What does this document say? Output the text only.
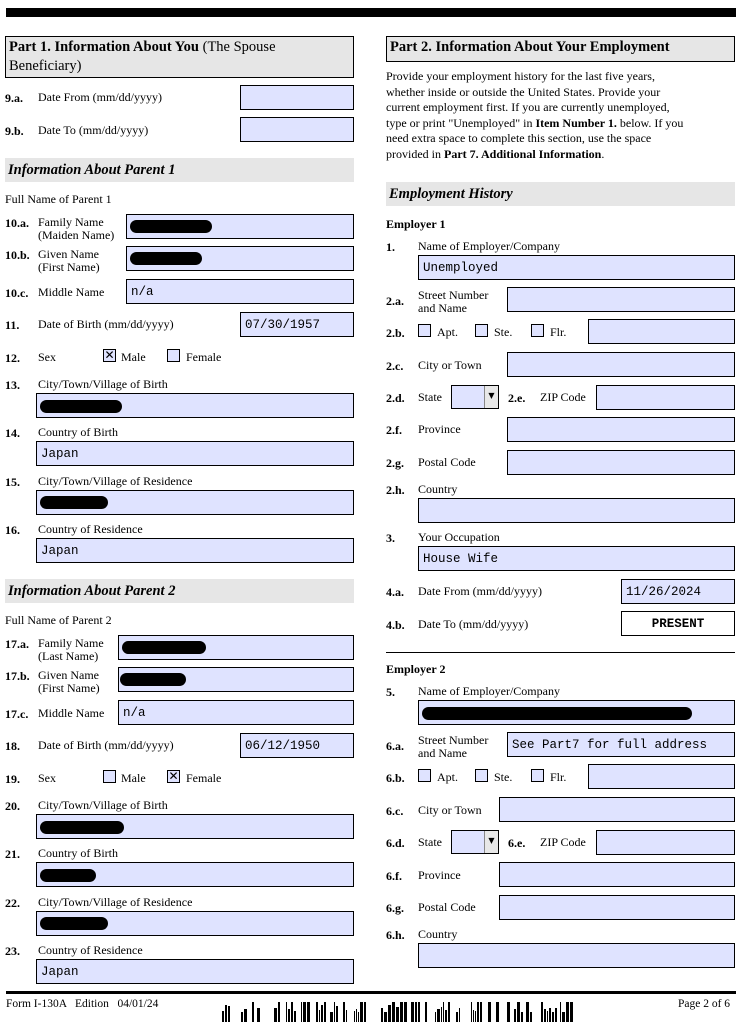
Part 1. Information About You (The Spouse Beneficiary)
9.a. Date From (mm/dd/yyyy)
9.b. Date To (mm/dd/yyyy)
Information About Parent 1
Full Name of Parent 1
10.a. Family Name
(Maiden Name)
10.b. Given Name
(First Name)
10.c. Middle Name	n/a
11. Date of Birth (mm/dd/yyyy)	07/30/1957
12. Sex	✕ Male	Female
13. City/Town/Village of Birth
14. Country of Birth
Japan
15. City/Town/Village of Residence
16. Country of Residence
Japan
Information About Parent 2
Full Name of Parent 2
17.a. Family Name
(Last Name)
17.b. Given Name
(First Name)
17.c. Middle Name	n/a
18. Date of Birth (mm/dd/yyyy)	06/12/1950
19. Sex	Male ✕ Female
20. City/Town/Village of Birth
21. Country of Birth
22. City/Town/Village of Residence
23. Country of Residence
Japan
Part 2. Information About Your Employment
Provide your employment history for the last five years,
whether inside or outside the United States. Provide your
current employment first. If you are currently unemployed,
type or print "Unemployed" in Item Number 1. below. If you
need extra space to complete this section, use the space
provided in Part 7. Additional Information.
Employment History
Employer 1
1. Name of Employer/Company
Unemployed
2.a. Street Number
and Name
2.b.	Apt.	Ste.	Flr.
2.c. City or Town
2.d. State	▼ 2.e. ZIP Code
2.f. Province
2.g. Postal Code
2.h. Country
3. Your Occupation
House Wife
4.a. Date From (mm/dd/yyyy)	11/26/2024
4.b. Date To (mm/dd/yyyy)	PRESENT
Employer 2
5. Name of Employer/Company
6.a. Street Number
and Name
See Part7 for full address
6.b.	Apt.	Ste.	Flr.
6.c. City or Town
6.d. State	▼ 6.e. ZIP Code
6.f. Province
6.g. Postal Code
6.h. Country
Form I-130A   Edition   04/01/24	Page 2 of 6
